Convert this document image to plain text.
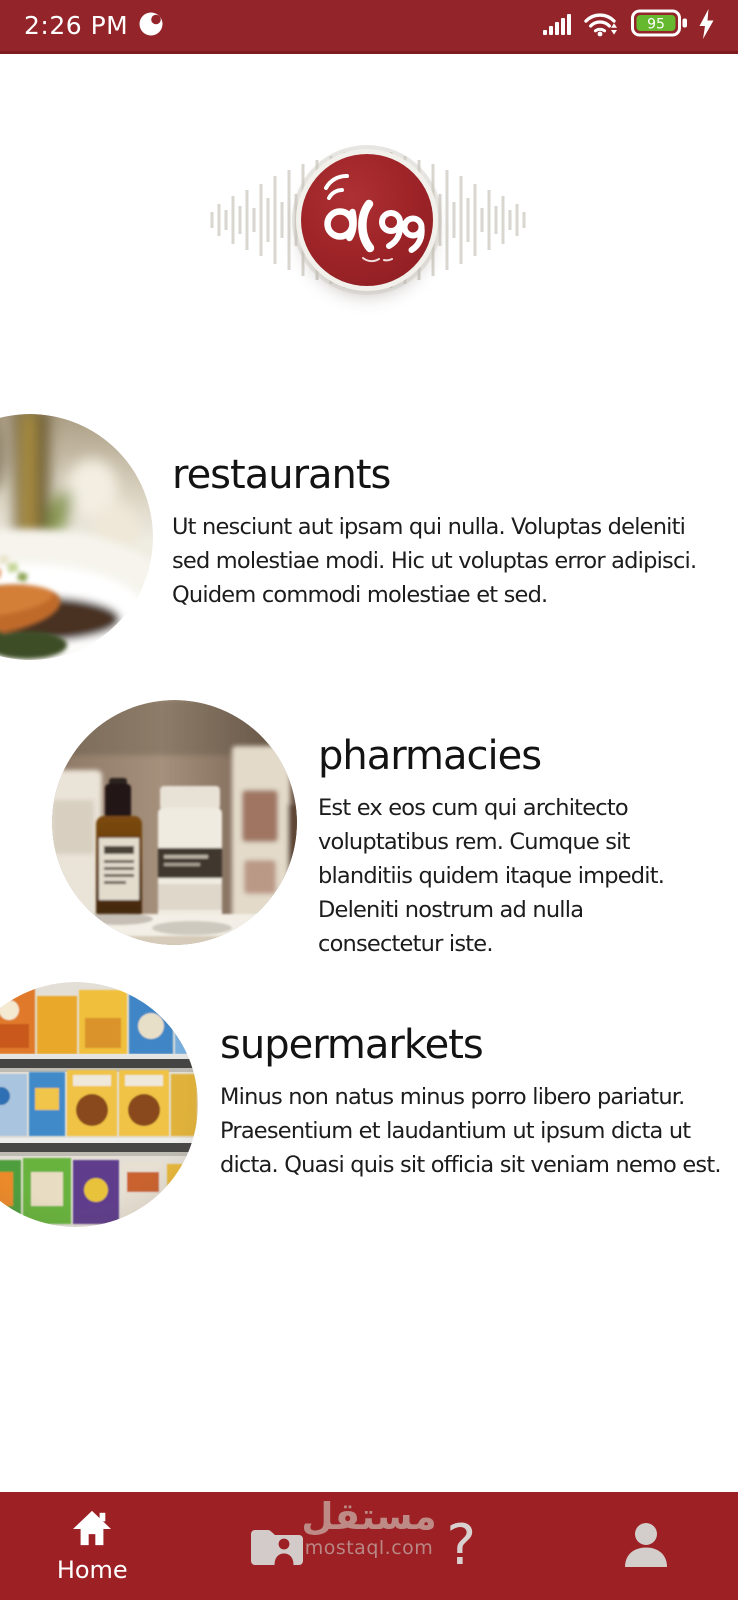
2:26 PM	95
restaurants

Ut nesciunt aut ipsam qui nulla. Voluptas deleniti sed molestiae modi. Hic ut voluptas error adipisci. Quidem commodi molestiae et sed.

pharmacies

Est ex eos cum qui architecto voluptatibus rem. Cumque sit blanditiis quidem itaque impedit. Deleniti nostrum ad nulla consectetur iste.

supermarkets

Minus non natus minus porro libero pariatur. Praesentium et laudantium ut ipsum dicta ut dicta. Quasi quis sit officia sit veniam nemo est.

Home	?
مستقل
mostaql.com
